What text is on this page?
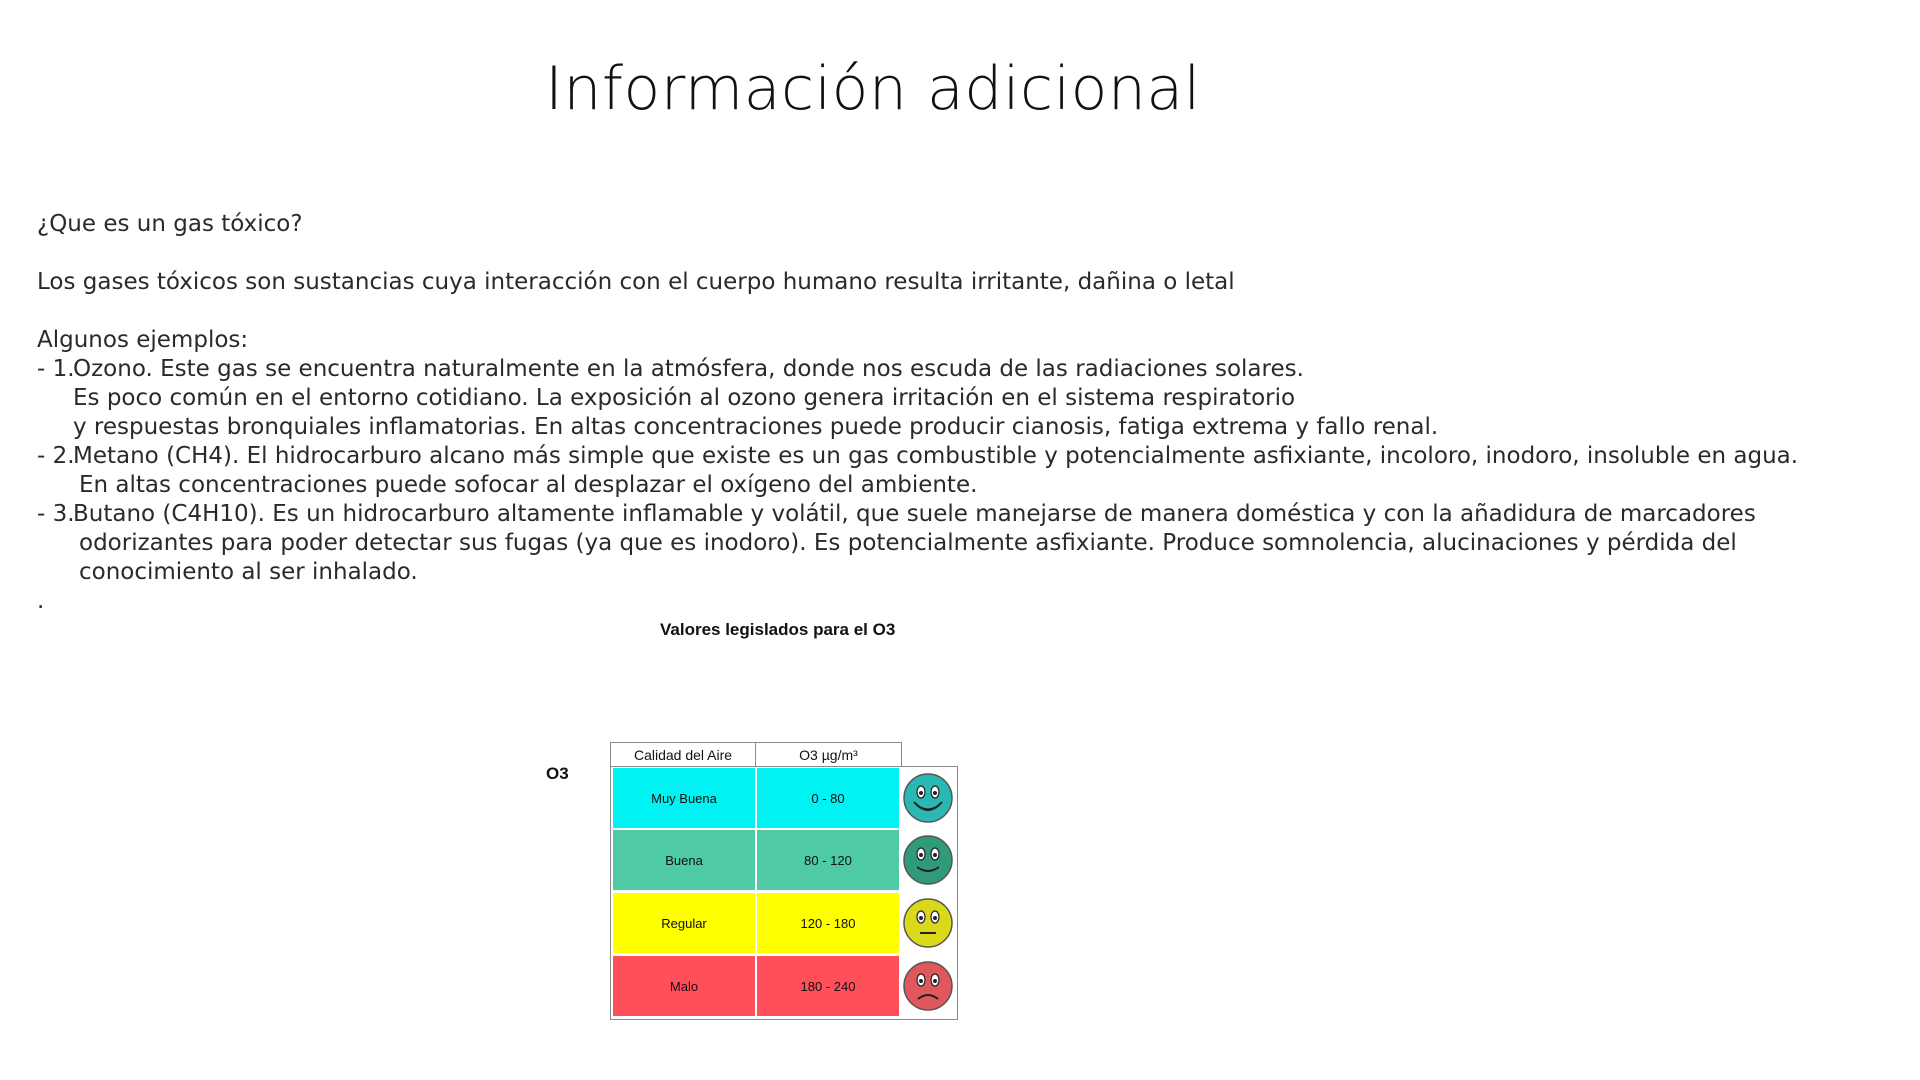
Información adicional

¿Que es un gas tóxico?

Los gases tóxicos son sustancias cuya interacción con el cuerpo humano resulta irritante, dañina o letal

Algunos ejemplos:

- 1.
Ozono. Este gas se encuentra naturalmente en la atmósfera, donde nos escuda de las radiaciones solares.

Es poco común en el entorno cotidiano. La exposición al ozono genera irritación en el sistema respiratorio

y respuestas bronquiales inflamatorias. En altas concentraciones puede producir cianosis, fatiga extrema y fallo renal.

- 2.
Metano (CH4). El hidrocarburo alcano más simple que existe es un gas combustible y potencialmente asfixiante, incoloro, inodoro, insoluble en agua.

En altas concentraciones puede sofocar al desplazar el oxígeno del ambiente.

- 3.
Butano (C4H10). Es un hidrocarburo altamente inflamable y volátil, que suele manejarse de manera doméstica y con la añadidura de marcadores

odorizantes para poder detectar sus fugas (ya que es inodoro). Es potencialmente asfixiante. Produce somnolencia, alucinaciones y pérdida del

conocimiento al ser inhalado.

.

Valores legislados para el O3
O3
Calidad del Aire	O3 µg/m³
Muy Buena	0 - 80
Buena	80 - 120
Regular	120 - 180
Malo	180 - 240
